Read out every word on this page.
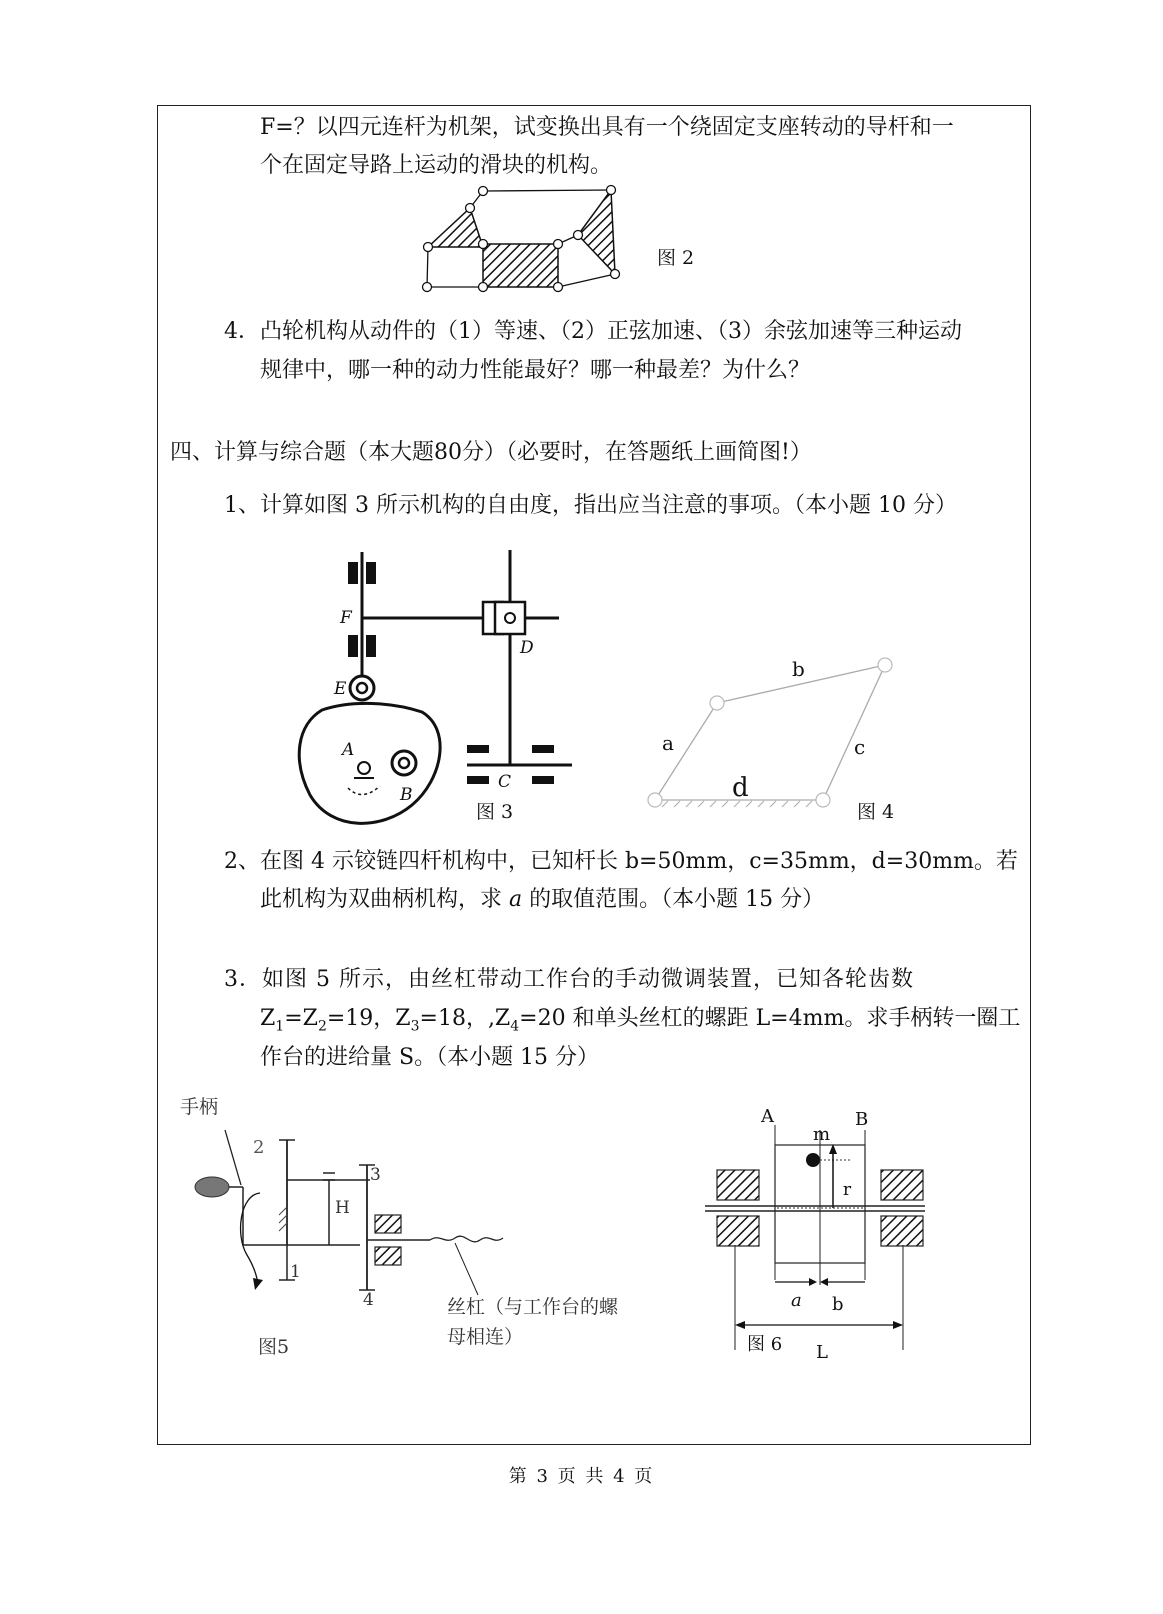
F=？以四元连杆为机架，试变换出具有一个绕固定支座转动的导杆和一
个在固定导路上运动的滑块的机构。
图 2
4．凸轮机构从动件的（1）等速、（2）正弦加速、（3）余弦加速等三种运动
规律中，哪一种的动力性能最好？哪一种最差？为什么？
四、计算与综合题（本大题80分）（必要时，在答题纸上画简图!）
1、计算如图 3 所示机构的自由度，指出应当注意的事项。（本小题 10 分）
F
D
E
A
B
C
图 3
a
b
c
d
图 4
2、在图 4 示铰链四杆机构中，已知杆长 b=50mm，c=35mm，d=30mm。若
此机构为双曲柄机构，求 a 的取值范围。（本小题 15 分）
3．如图 5 所示，由丝杠带动工作台的手动微调装置，已知各轮齿数
$Z_1=Z_2=19$，$Z_3=18$，$,Z_4=20$ 和单头丝杠的螺距 L=4mm。求手柄转一圈工
作台的进给量 S。（本小题 15 分）
手柄
2
H
1
3
4	丝杠（与工作台的螺
母相连）
图5
A	B
m
r
a b
图 6 L
第 3 页 共 4 页
